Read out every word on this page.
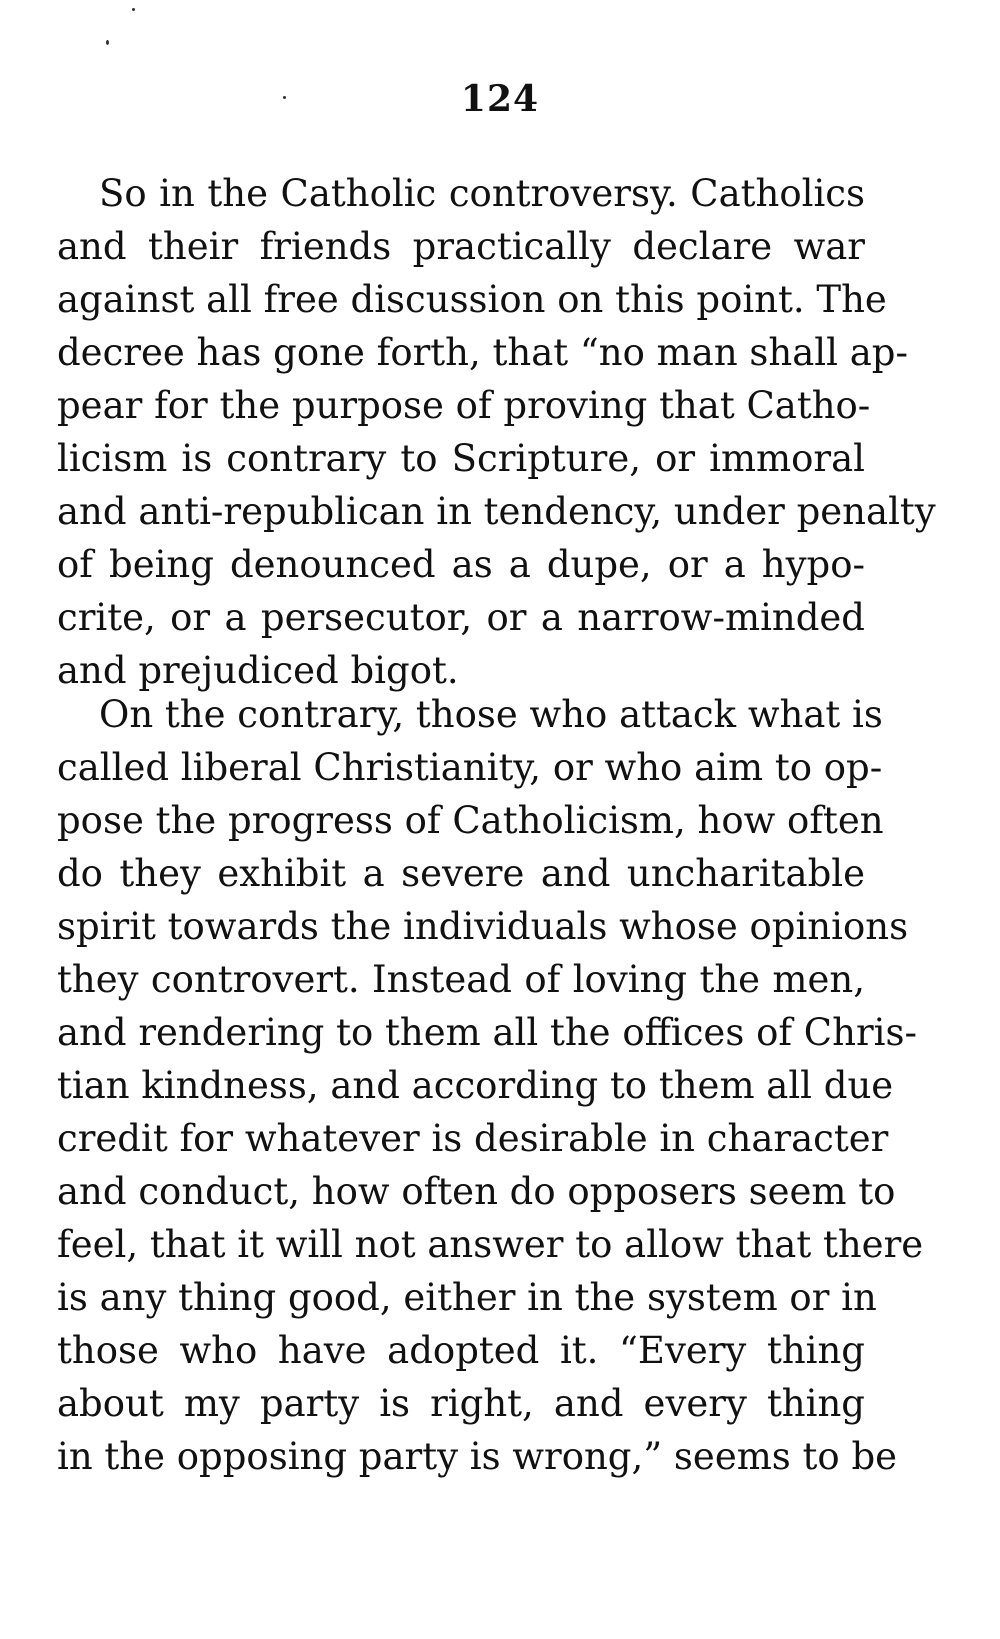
124
So in the Catholic controversy. Catholics
and their friends practically declare war
against all free discussion on this point. The
decree has gone forth, that “no man shall ap-
pear for the purpose of proving that Catho-
licism is contrary to Scripture, or immoral
and anti-republican in tendency, under penalty
of being denounced as a dupe, or a hypo-
crite, or a persecutor, or a narrow-minded
and prejudiced bigot.
On the contrary, those who attack what is
called liberal Christianity, or who aim to op-
pose the progress of Catholicism, how often
do they exhibit a severe and uncharitable
spirit towards the individuals whose opinions
they controvert. Instead of loving the men,
and rendering to them all the offices of Chris-
tian kindness, and according to them all due
credit for whatever is desirable in character
and conduct, how often do opposers seem to
feel, that it will not answer to allow that there
is any thing good, either in the system or in
those who have adopted it. “Every thing
about my party is right, and every thing
in the opposing party is wrong,” seems to be
